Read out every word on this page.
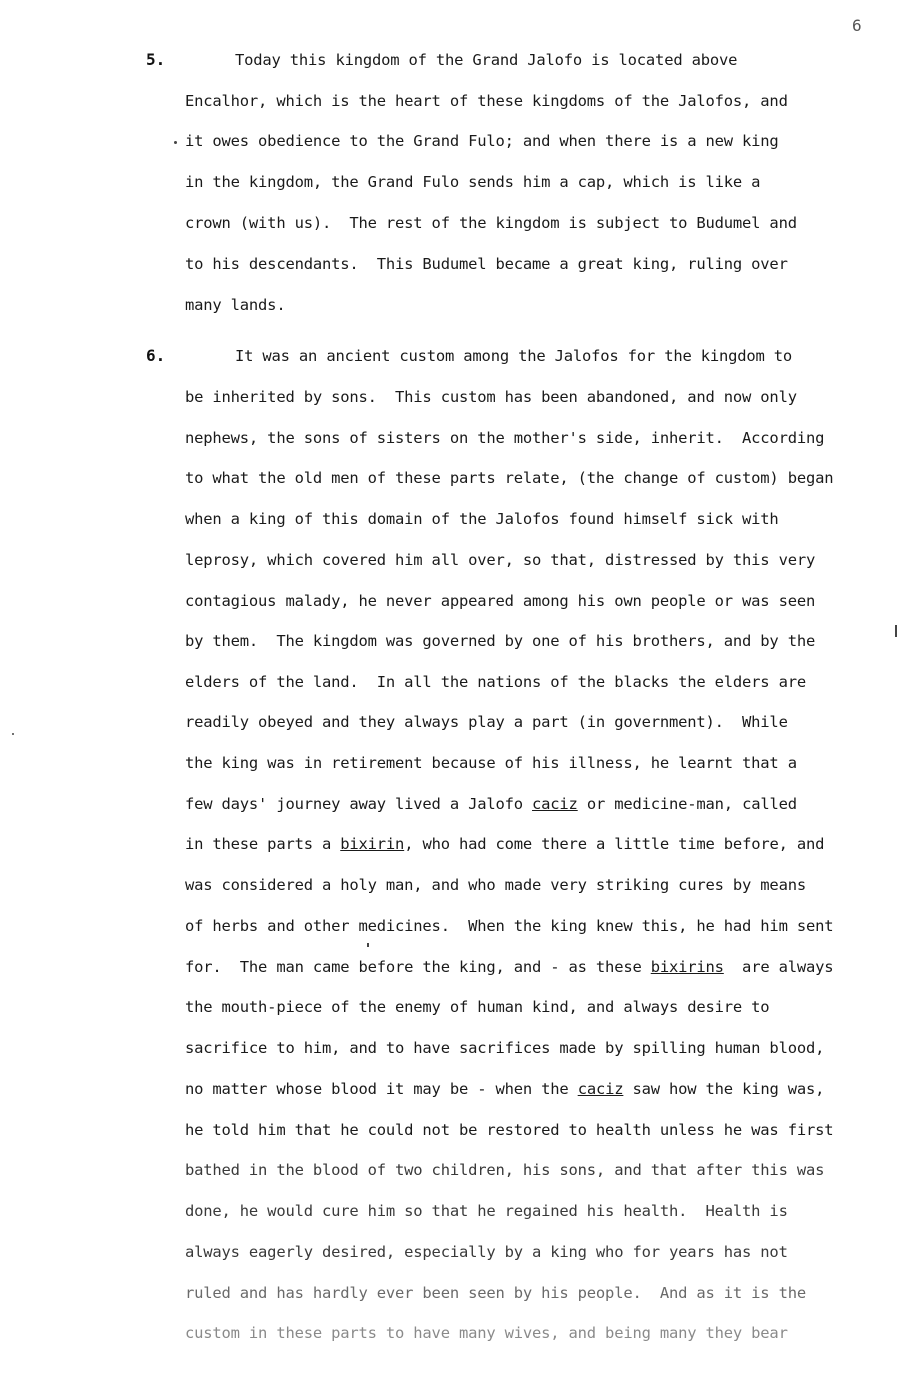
6
5.	Today this kingdom of the Grand Jalofo is located above
Encalhor, which is the heart of these kingdoms of the Jalofos, and
it owes obedience to the Grand Fulo; and when there is a new king
in the kingdom, the Grand Fulo sends him a cap, which is like a
crown (with us).  The rest of the kingdom is subject to Budumel and
to his descendants.  This Budumel became a great king, ruling over
many lands.
6.	It was an ancient custom among the Jalofos for the kingdom to
be inherited by sons.  This custom has been abandoned, and now only
nephews, the sons of sisters on the mother's side, inherit.  According
to what the old men of these parts relate, (the change of custom) began
when a king of this domain of the Jalofos found himself sick with
leprosy, which covered him all over, so that, distressed by this very
contagious malady, he never appeared among his own people or was seen
by them.  The kingdom was governed by one of his brothers, and by the
elders of the land.  In all the nations of the blacks the elders are
readily obeyed and they always play a part (in government).  While
the king was in retirement because of his illness, he learnt that a
few days' journey away lived a Jalofo caciz or medicine-man, called
in these parts a bixirin, who had come there a little time before, and
was considered a holy man, and who made very striking cures by means
of herbs and other medicines.  When the king knew this, he had him sent
for.  The man came before the king, and - as these bixirins  are always
the mouth-piece of the enemy of human kind, and always desire to
sacrifice to him, and to have sacrifices made by spilling human blood,
no matter whose blood it may be - when the caciz saw how the king was,
he told him that he could not be restored to health unless he was first
bathed in the blood of two children, his sons, and that after this was
done, he would cure him so that he regained his health.  Health is
always eagerly desired, especially by a king who for years has not
ruled and has hardly ever been seen by his people.  And as it is the
custom in these parts to have many wives, and being many they bear
